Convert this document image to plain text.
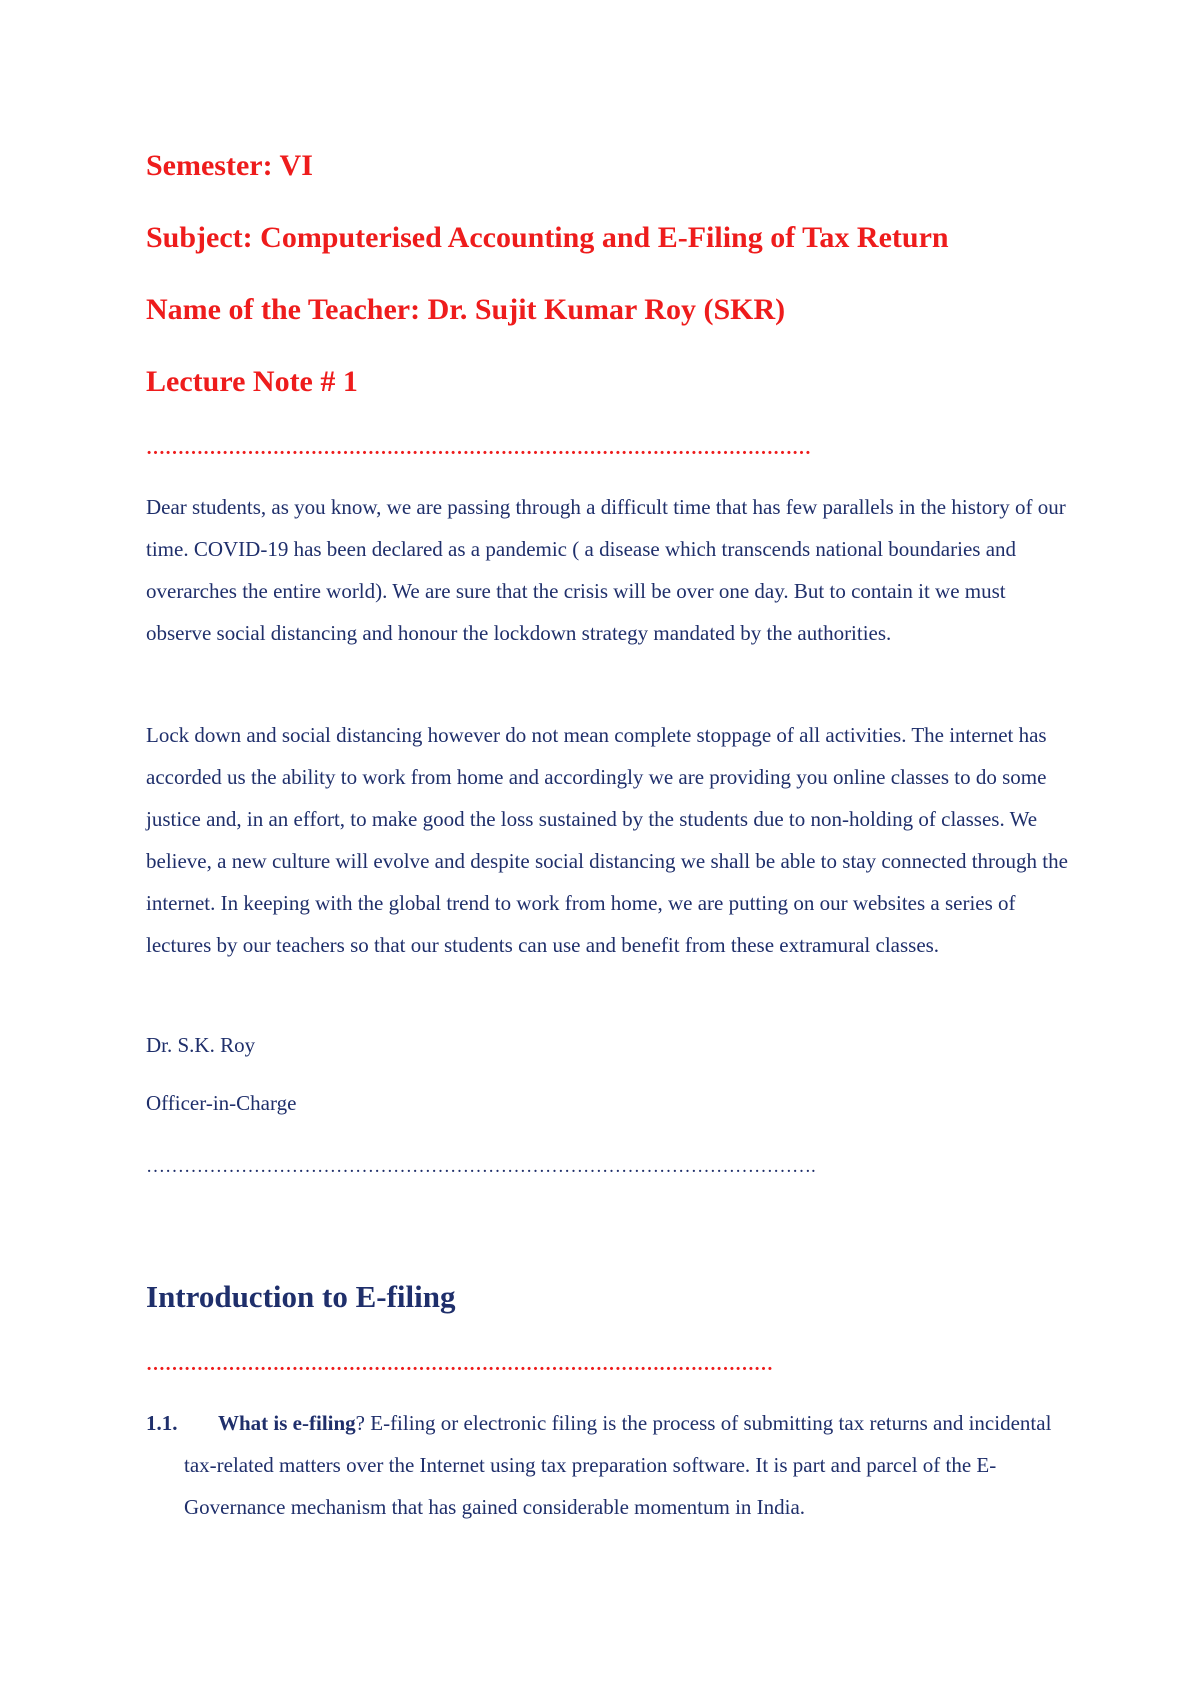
Semester: VI
Subject: Computerised Accounting and E-Filing of Tax Return
Name of the Teacher: Dr. Sujit Kumar Roy (SKR)
Lecture Note # 1
……………………………………………………………………………………………

Dear students, as you know, we are passing through a difficult time that has few parallels in the history of our time. COVID-19 has been declared as a pandemic ( a disease which transcends national boundaries and overarches the entire world). We are sure that the crisis will be over one day. But to contain it we must observe social distancing and honour the lockdown strategy mandated by the authorities.

Lock down and social distancing however do not mean complete stoppage of all activities. The internet has accorded us the ability to work from home and accordingly we are providing you online classes to do some justice and, in an effort, to make good the loss sustained by the students due to non-holding of classes. We believe, a new culture will evolve and despite social distancing we shall be able to stay connected through the internet. In keeping with the global trend to work from home, we are putting on our websites a series of lectures by our teachers so that our students can use and benefit from these extramural classes.

Dr. S.K. Roy
Officer-in-Charge
…………………………………………………………………………………………….
Introduction to E-filing
………………………………………………………………………………………
1.1.	What is e-filing? E-filing or electronic filing is the process of submitting tax returns and incidental tax-related matters over the Internet using tax preparation software. It is part and parcel of the E-Governance mechanism that has gained considerable momentum in India.
